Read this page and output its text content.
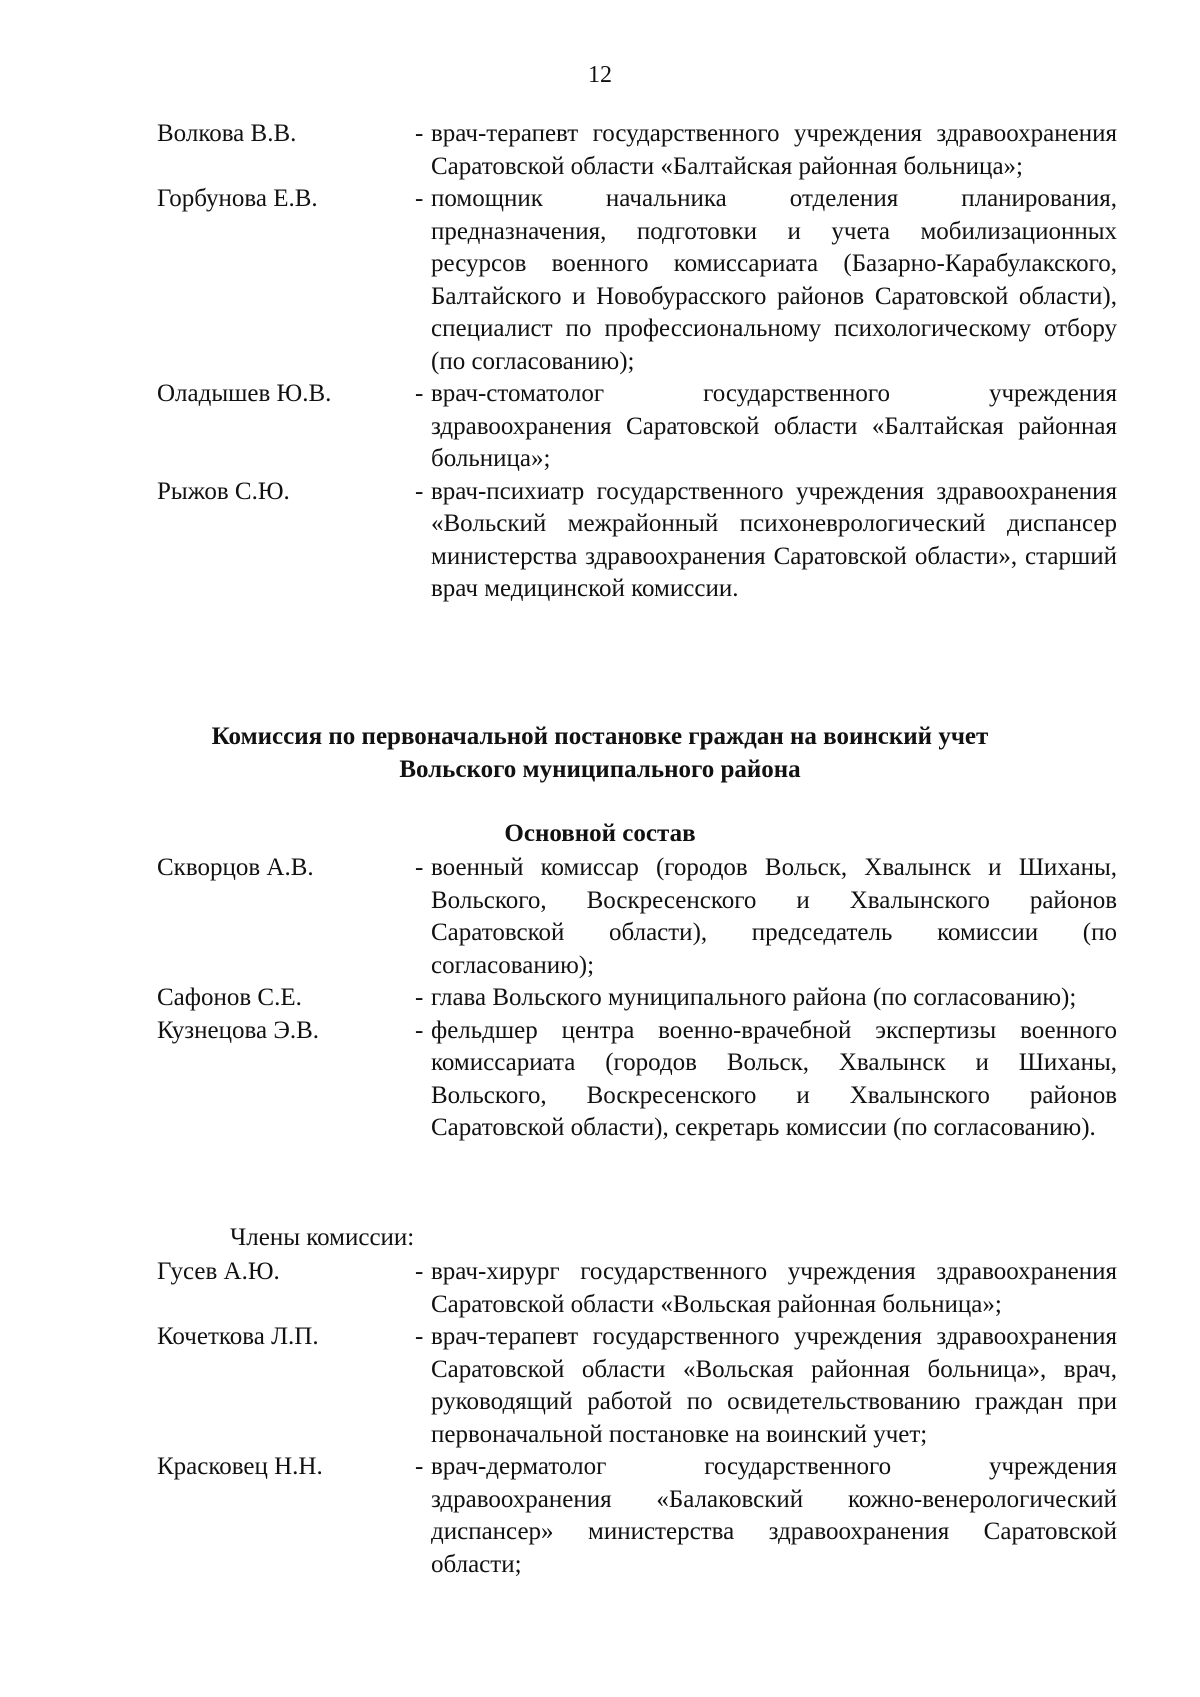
12
Волкова В.В.	- врач-терапевт государственного учреждения здравоохранения Саратовской области «Балтайская районная больница»;
Горбунова Е.В.	- помощник начальника отделения планирования, предназначения, подготовки и учета мобилизационных ресурсов военного комиссариата (Базарно-Карабулакского, Балтайского и Новобурасского районов Саратовской области), специалист по профессиональному психологическому отбору (по согласованию);
Оладышев Ю.В.	- врач-стоматолог государственного учреждения здравоохранения Саратовской области «Балтайская районная больница»;
Рыжов С.Ю.	- врач-психиатр государственного учреждения здравоохранения «Вольский межрайонный психоневрологический диспансер министерства здравоохранения Саратовской области», старший врач медицинской комиссии.
Комиссия по первоначальной постановке граждан на воинский учет
Вольского муниципального района
Основной состав
Скворцов А.В.	- военный комиссар (городов Вольск, Хвалынск и Шиханы, Вольского, Воскресенского и Хвалынского районов Саратовской области), председатель комиссии (по согласованию);
Сафонов С.Е.	- глава Вольского муниципального района (по согласованию);
Кузнецова Э.В.	- фельдшер центра военно-врачебной экспертизы военного комиссариата (городов Вольск, Хвалынск и Шиханы, Вольского, Воскресенского и Хвалынского районов Саратовской области), секретарь комиссии (по согласованию).
Члены комиссии:
Гусев А.Ю.	- врач-хирург государственного учреждения здравоохранения Саратовской области «Вольская районная больница»;
Кочеткова Л.П.	- врач-терапевт государственного учреждения здравоохранения Саратовской области «Вольская районная больница», врач, руководящий работой по освидетельствованию граждан при первоначальной постановке на воинский учет;
Красковец Н.Н.	- врач-дерматолог государственного учреждения здравоохранения «Балаковский кожно-венерологический диспансер» министерства здравоохранения Саратовской области;
